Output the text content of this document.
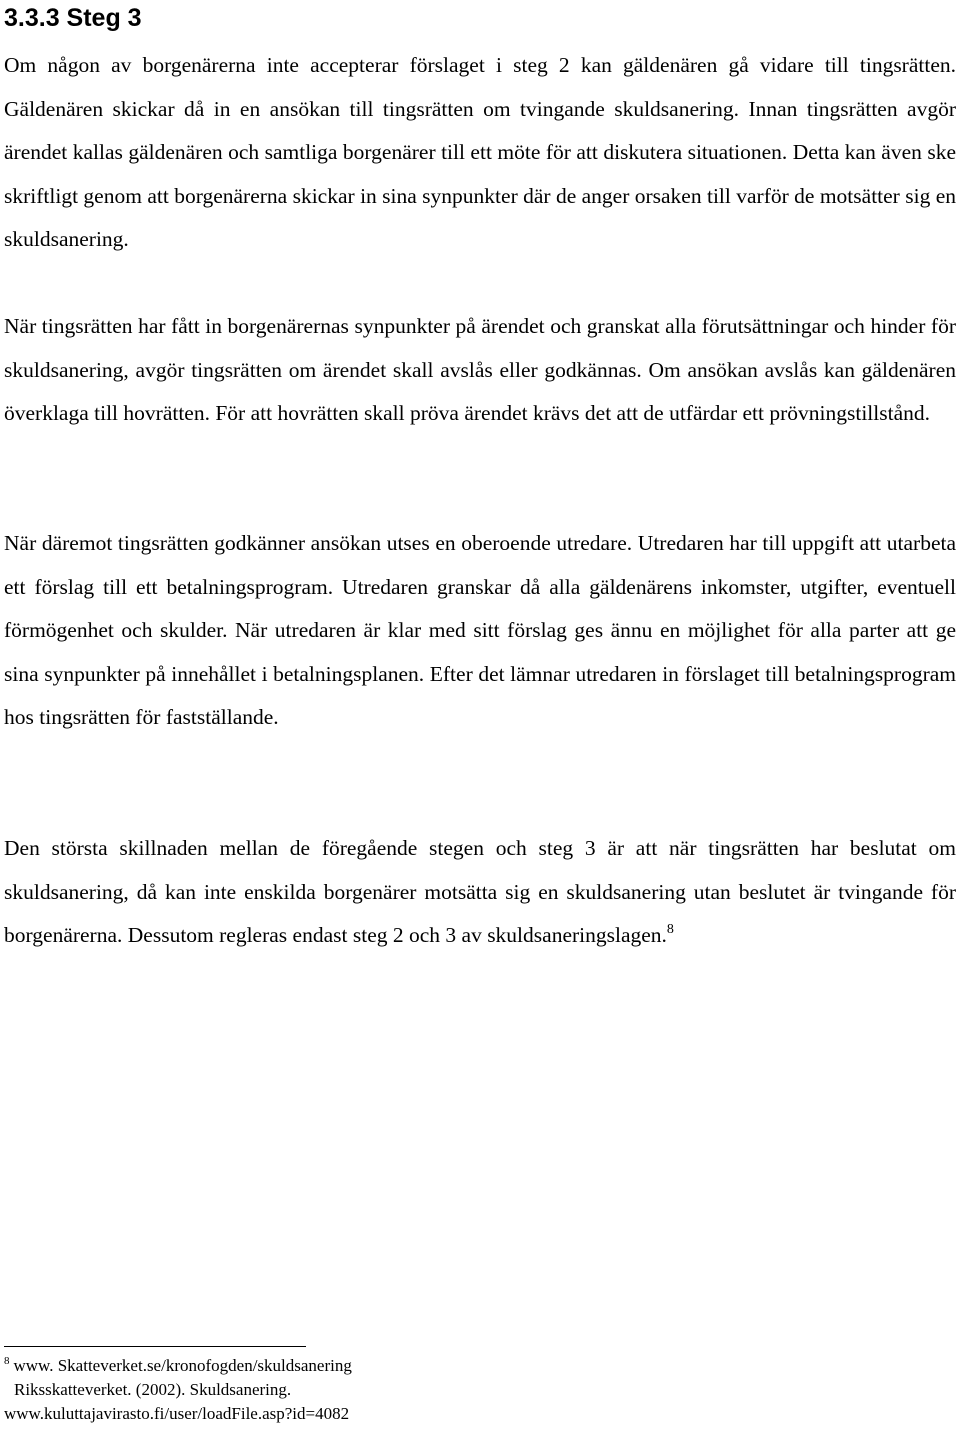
3.3.3 Steg 3

Om någon av borgenärerna inte accepterar förslaget i steg 2 kan gäldenären gå vidare till tingsrätten. Gäldenären skickar då in en ansökan till tingsrätten om tvingande skuldsanering. Innan tingsrätten avgör ärendet kallas gäldenären och samtliga borgenärer till ett möte för att diskutera situationen. Detta kan även ske skriftligt genom att borgenärerna skickar in sina synpunkter där de anger orsaken till varför de motsätter sig en skuldsanering.

När tingsrätten har fått in borgenärernas synpunkter på ärendet och granskat alla förutsättningar och hinder för skuldsanering, avgör tingsrätten om ärendet skall avslås eller godkännas. Om ansökan avslås kan gäldenären överklaga till hovrätten. För att hovrätten skall pröva ärendet krävs det att de utfärdar ett prövningstillstånd.

När däremot tingsrätten godkänner ansökan utses en oberoende utredare. Utredaren har till uppgift att utarbeta ett förslag till ett betalningsprogram. Utredaren granskar då alla gäldenärens inkomster, utgifter, eventuell förmögenhet och skulder. När utredaren är klar med sitt förslag ges ännu en möjlighet för alla parter att ge sina synpunkter på innehållet i betalningsplanen. Efter det lämnar utredaren in förslaget till betalningsprogram hos tingsrätten för fastställande.

Den största skillnaden mellan de föregående stegen och steg 3 är att när tingsrätten har beslutat om skuldsanering, då kan inte enskilda borgenärer motsätta sig en skuldsanering utan beslutet är tvingande för borgenärerna. Dessutom regleras endast steg 2 och 3 av skuldsaneringslagen.$^8$

$^8$ www. Skatteverket.se/kronofogden/skuldsanering
Riksskatteverket. (2002). Skuldsanering.
www.kuluttajavirasto.fi/user/loadFile.asp?id=4082
